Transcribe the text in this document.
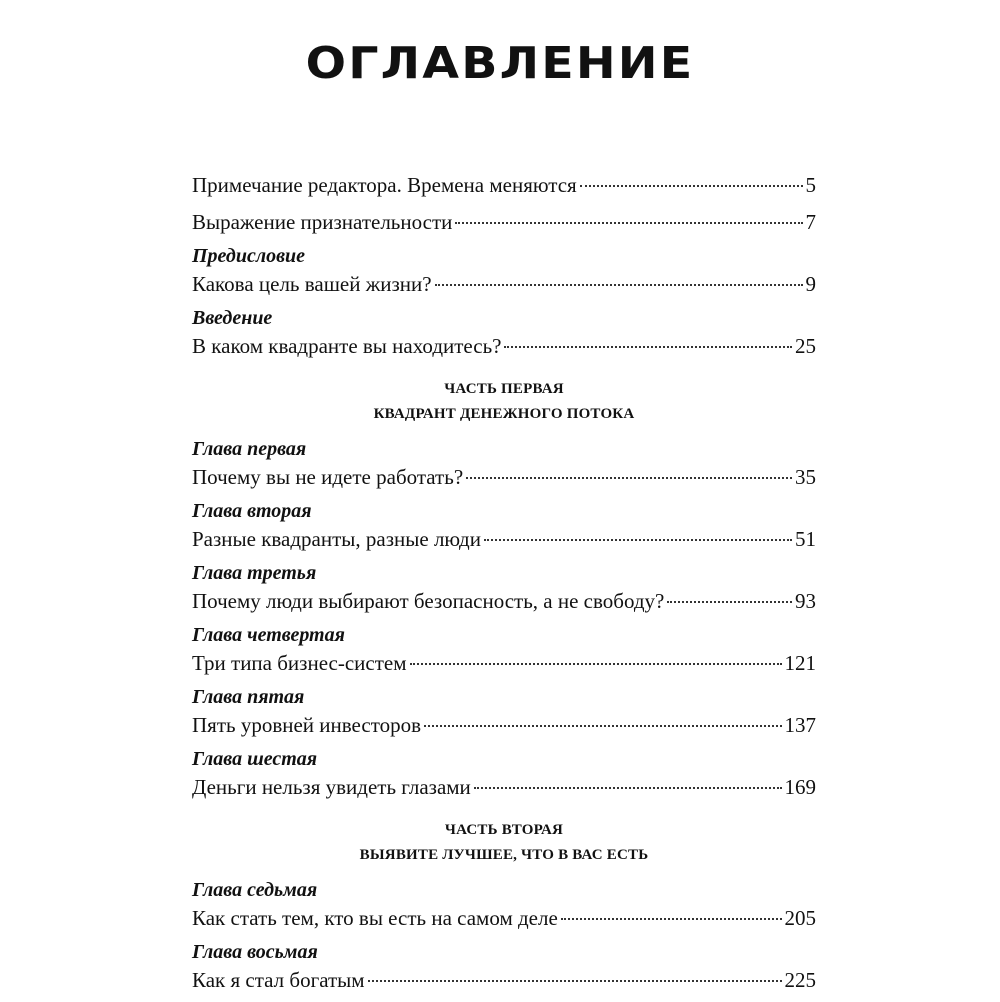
ОГЛАВЛЕНИЕ
Примечание редактора. Времена меняются	5
Выражение признательности	7
Предисловие
Какова цель вашей жизни?	9
Введение
В каком квадранте вы находитесь?	25
ЧАСТЬ ПЕРВАЯ
КВАДРАНТ ДЕНЕЖНОГО ПОТОКА
Глава первая
Почему вы не идете работать?	35
Глава вторая
Разные квадранты, разные люди	51
Глава третья
Почему люди выбирают безопасность, а не свободу?	93
Глава четвертая
Три типа бизнес-систем	121
Глава пятая
Пять уровней инвесторов	137
Глава шестая
Деньги нельзя увидеть глазами	169
ЧАСТЬ ВТОРАЯ
ВЫЯВИТЕ ЛУЧШЕЕ, ЧТО В ВАС ЕСТЬ
Глава седьмая
Как стать тем, кто вы есть на самом деле	205
Глава восьмая
Как я стал богатым	225
